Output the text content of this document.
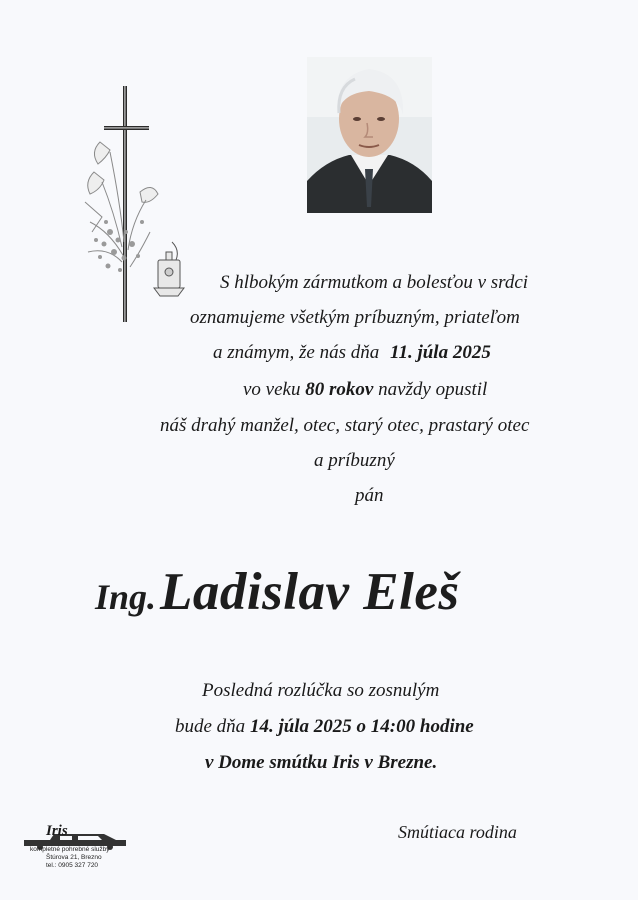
S hlbokým zármutkom a bolesťou v srdci
oznamujeme všetkým príbuzným, priateľom
a známym, že nás dňa 11. júla 2025
vo veku 80 rokov navždy opustil
náš drahý manžel, otec, starý otec, prastarý otec
a príbuzný
pán
Ing. Ladislav Eleš
Posledná rozlúčka so zosnulým
bude dňa 14. júla 2025 o 14:00 hodine
v Dome smútku Iris v Brezne.
Smútiaca rodina
Iris
kompletné pohrebné služby
Štúrova 21, Brezno
tel.: 0905 327 720
